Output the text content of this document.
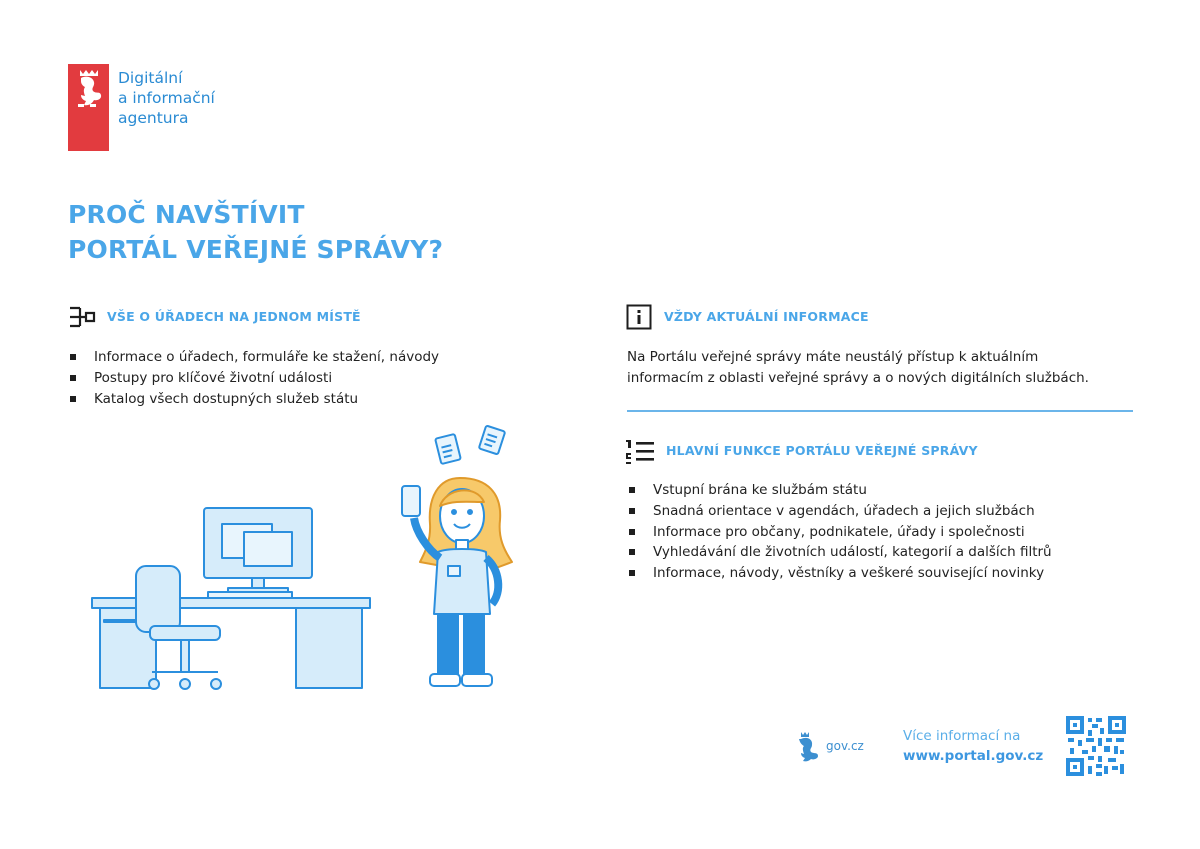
Digitální
a informační
agentura
PROČ NAVŠTÍVIT
PORTÁL VEŘEJNÉ SPRÁVY?
VŠE O ÚŘADECH NA JEDNOM MÍSTĚ
Informace o úřadech, formuláře ke stažení, návody
Postupy pro klíčové životní události
Katalog všech dostupných služeb státu
VŽDY AKTUÁLNÍ INFORMACE
Na Portálu veřejné správy máte neustálý přístup k aktuálním
informacím z oblasti veřejné správy a o nových digitálních službách.
HLAVNÍ FUNKCE PORTÁLU VEŘEJNÉ SPRÁVY
Vstupní brána ke službám státu
Snadná orientace v agendách, úřadech a jejich službách
Informace pro občany, podnikatele, úřady i společnosti
Vyhledávání dle životních událostí, kategorií a dalších filtrů
Informace, návody, věstníky a veškeré související novinky
gov.cz
Více informací na
www.portal.gov.cz
